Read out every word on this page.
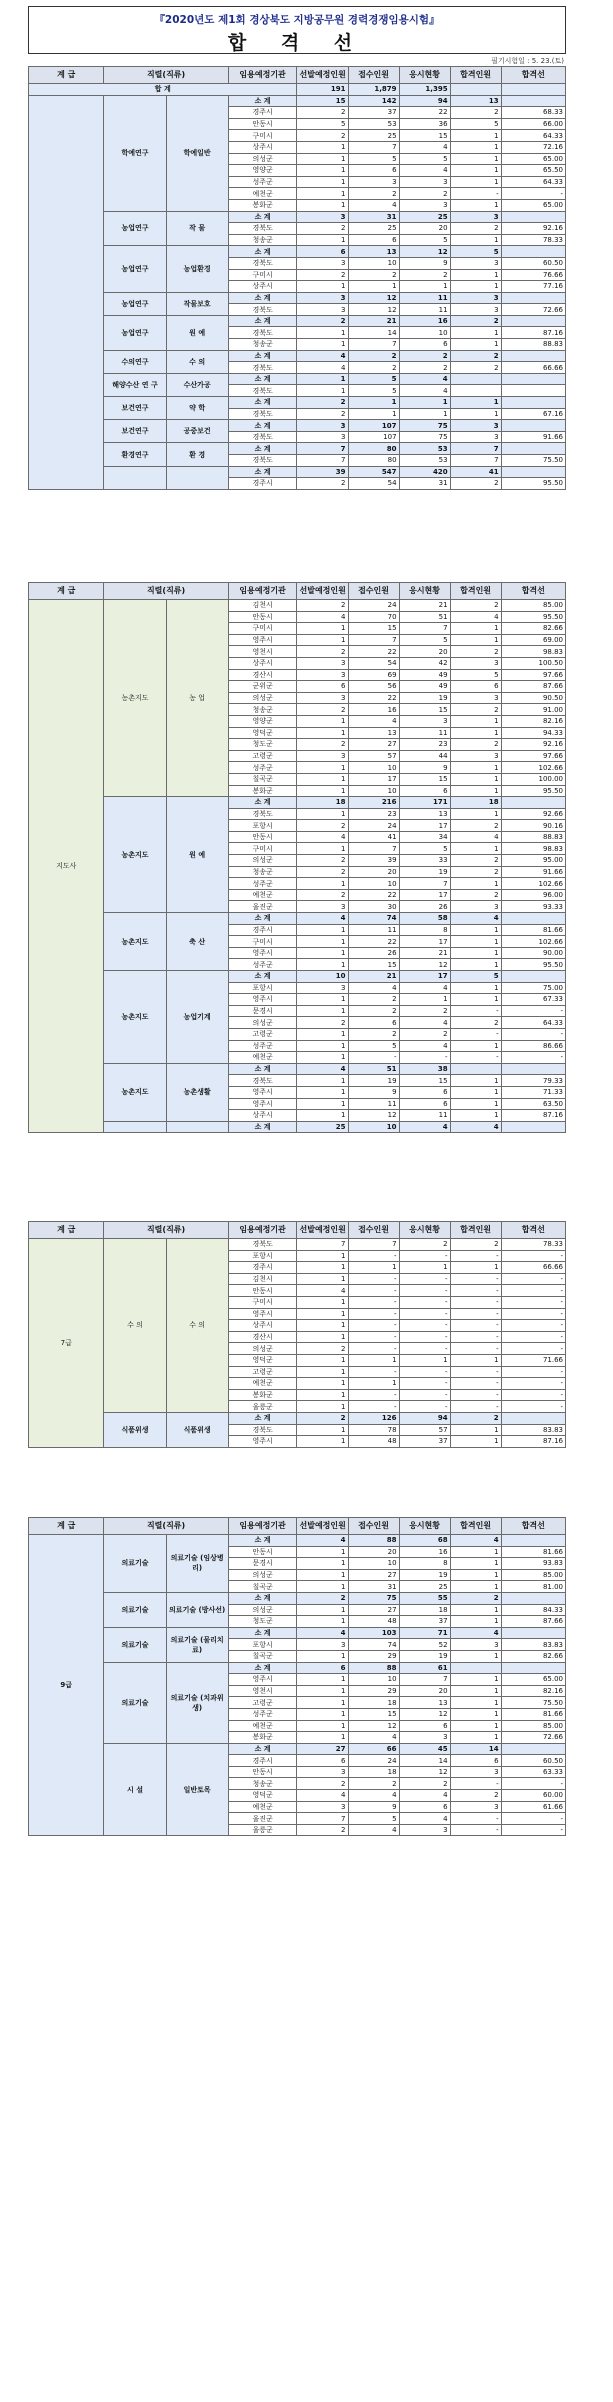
『2020년도 제1회 경상북도 지방공무원 경력경쟁임용시험』
합 격 선
필기시험일 : 5. 23.(토)
계 급	직렬(직류)		임용예정기관	선발예정인원	접수인원	응시현황	합격인원	합격선
합 계				191	1,879	1,395		
	학예연구	학예일반	소 계	15	142	94	13	
			경주시	2	37	22	2	68.33
			안동시	5	53	36	5	66.00
			구미시	2	25	15	1	64.33
			상주시	1	7	4	1	72.16
			의성군	1	5	5	1	65.00
			영양군	1	6	4	1	65.50
			성주군	1	3	3	1	64.33
			예천군	1	2	2	-	-
			봉화군	1	4	3	1	65.00
	농업연구	작 물	소 계	3	31	25	3	
			경북도	2	25	20	2	92.16
			청송군	1	6	5	1	78.33
	농업연구	농업환경	소 계	6	13	12	5	
			경북도	3	10	9	3	60.50
			구미시	2	2	2	1	76.66
			상주시	1	1	1	1	77.16
	농업연구	작물보호	소 계	3	12	11	3	
			경북도	3	12	11	3	72.66
	농업연구	원 예	소 계	2	21	16	2	
			경북도	1	14	10	1	87.16
			청송군	1	7	6	1	88.83
	수의연구	수 의	소 계	4	2	2	2	
			경북도	4	2	2	2	66.66
	해양수산 연 구	수산가공	소 계	1	5	4		
			경북도	1	5	4		
	보건연구	약 학	소 계	2	1	1	1	
			경북도	2	1	1	1	67.16
	보건연구	공중보건	소 계	3	107	75	3	
			경북도	3	107	75	3	91.66
	환경연구	환 경	소 계	7	80	53	7	
			경북도	7	80	53	7	75.50
			소 계	39	547	420	41	
			경주시	2	54	31	2	95.50
계 급	직렬(직류)		임용예정기관	선발예정인원	접수인원	응시현황	합격인원	합격선
지도사	농촌지도	농 업	김천시	2	24	21	2	85.00
			안동시	4	70	51	4	95.50
			구미시	1	15	7	1	82.66
			영주시	1	7	5	1	69.00
			영천시	2	22	20	2	98.83
			상주시	3	54	42	3	100.50
			경산시	3	69	49	5	97.66
			군위군	6	56	49	6	87.66
			의성군	3	22	19	3	90.50
			청송군	2	16	15	2	91.00
			영양군	1	4	3	1	82.16
			영덕군	1	13	11	1	94.33
			청도군	2	27	23	2	92.16
			고령군	3	57	44	3	97.66
			성주군	1	10	9	1	102.66
			칠곡군	1	17	15	1	100.00
			봉화군	1	10	6	1	95.50
	농촌지도	원 예	소 계	18	216	171	18	
			경북도	1	23	13	1	92.66
			포항시	2	24	17	2	90.16
			안동시	4	41	34	4	88.83
			구미시	1	7	5	1	98.83
			의성군	2	39	33	2	95.00
			청송군	2	20	19	2	91.66
			성주군	1	10	7	1	102.66
			예천군	2	22	17	2	96.00
			울진군	3	30	26	3	93.33
	농촌지도	축 산	소 계	4	74	58	4	
			경주시	1	11	8	1	81.66
			구미시	1	22	17	1	102.66
			영주시	1	26	21	1	90.00
			성주군	1	15	12	1	95.50
	농촌지도	농업기계	소 계	10	21	17	5	
			포항시	3	4	4	1	75.00
			영주시	1	2	1	1	67.33
			문경시	1	2	2	-	-
			의성군	2	6	4	2	64.33
			고령군	1	2	2	-	-
			성주군	1	5	4	1	86.66
			예천군	1	-	-	-	-
	농촌지도	농촌생활	소 계	4	51	38		
			경북도	1	19	15	1	79.33
			영주시	1	9	6	1	71.33
			영주시	1	11	6	1	63.50
			상주시	1	12	11	1	87.16
			소 계	25	10	4	4	
계 급	직렬(직류)		임용예정기관	선발예정인원	접수인원	응시현황	합격인원	합격선
7급	수 의	수 의	경북도	7	7	2	2	78.33
			포항시	1	-	-	-	-
			경주시	1	1	1	1	66.66
			김천시	1	-	-	-	-
			안동시	4	-	-	-	-
			구미시	1	-	-	-	-
			영주시	1	-	-	-	-
			상주시	1	-	-	-	-
			경산시	1	-	-	-	-
			의성군	2	-	-	-	-
			영덕군	1	1	1	1	71.66
			고령군	1	-	-	-	-
			예천군	1	1	-	-	-
			봉화군	1	-	-	-	-
			울릉군	1	-	-	-	-
	식품위생	식품위생	소 계	2	126	94	2	
			경북도	1	78	57	1	83.83
			영주시	1	48	37	1	87.16
계 급	직렬(직류)		임용예정기관	선발예정인원	접수인원	응시현황	합격인원	합격선
9급	의료기술	의료기술 (임상병리)	소 계	4	88	68	4	
			안동시	1	20	16	1	81.66
			문경시	1	10	8	1	93.83
			의성군	1	27	19	1	85.00
			칠곡군	1	31	25	1	81.00
	의료기술	의료기술 (방사선)	소 계	2	75	55	2	
			의성군	1	27	18	1	84.33
			청도군	1	48	37	1	87.66
	의료기술	의료기술 (물리치료)	소 계	4	103	71	4	
			포항시	3	74	52	3	83.83
			칠곡군	1	29	19	1	82.66
	의료기술	의료기술 (치과위생)	소 계	6	88	61		
			영주시	1	10	7	1	65.00
			영천시	1	29	20	1	82.16
			고령군	1	18	13	1	75.50
			성주군	1	15	12	1	81.66
			예천군	1	12	6	1	85.00
			봉화군	1	4	3	1	72.66
	시 설	일반토목	소 계	27	66	45	14	
			경주시	6	24	14	6	60.50
			안동시	3	18	12	3	63.33
			청송군	2	2	2	-	-
			영덕군	4	4	4	2	60.00
			예천군	3	9	6	3	61.66
			울진군	7	5	4	-	-
			울릉군	2	4	3	-	-
